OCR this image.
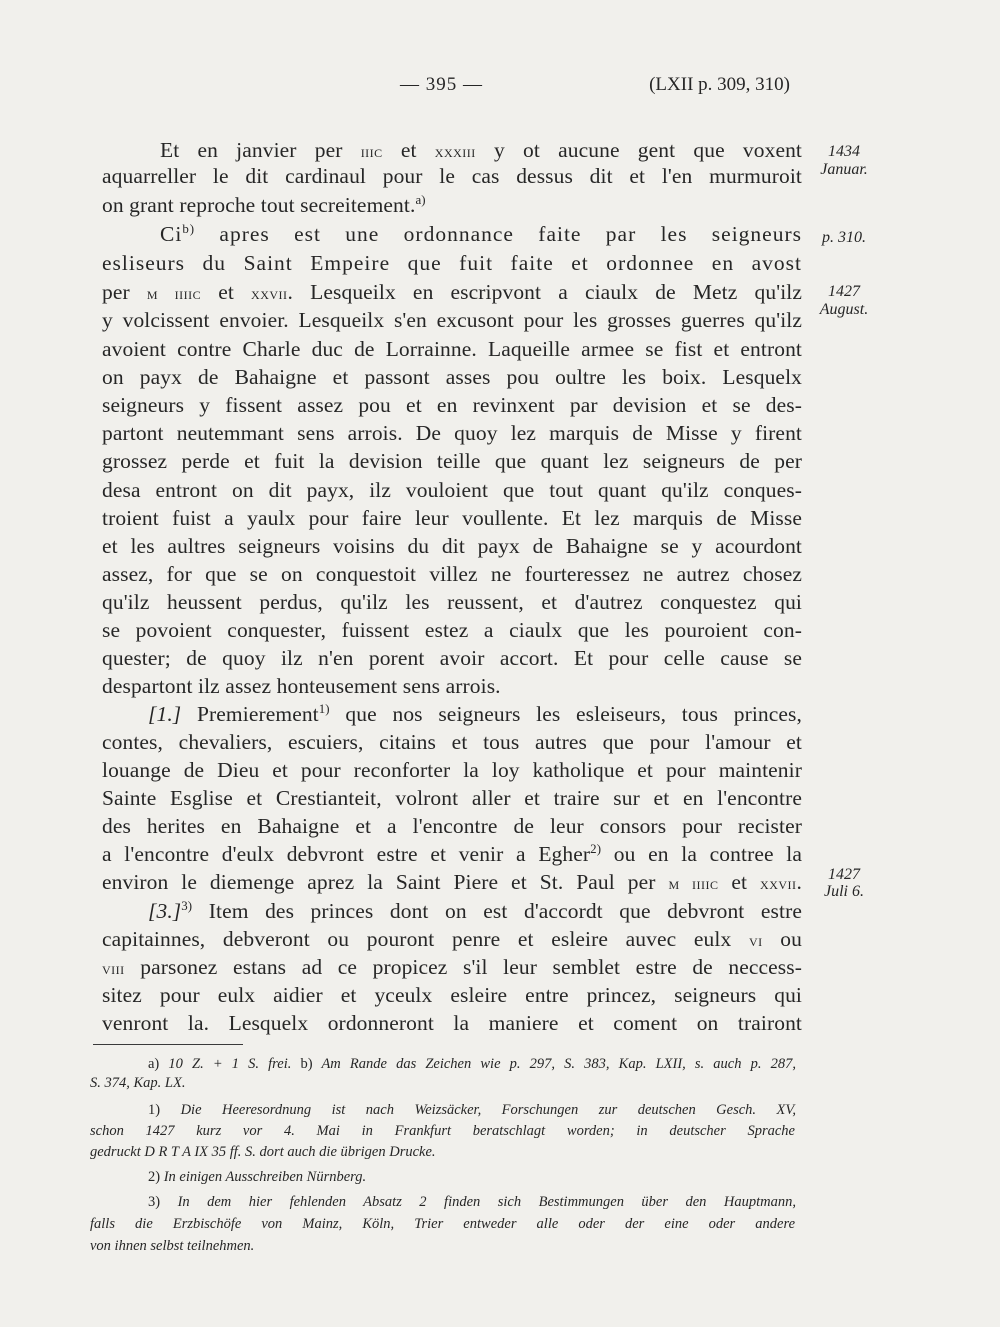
— 395 —	(LXII p. 309, 310)
1434
Januar.
p. 310.
1427
August.
1427
Juli 6.
Et en janvier per iiic et xxxiii y ot aucune gent que voxent
aquarreller le dit cardinaul pour le cas dessus dit et l'en murmuroit
on grant reproche tout secreitement.$^{a)}$
Ci$^{b)}$ apres est une ordonnance faite par les seigneurs
esliseurs du Saint Empeire que fuit faite et ordonnee en avost
per m iiiic et xxvii. Lesqueilx en escripvont a ciaulx de Metz qu'ilz
y volcissent envoier. Lesqueilx s'en excusont pour les grosses guerres qu'ilz
avoient contre Charle duc de Lorrainne. Laqueille armee se fist et entront
on payx de Bahaigne et passont asses pou oultre les boix. Lesquelx
seigneurs y fissent assez pou et en revinxent par devision et se des-
partont neutemmant sens arrois. De quoy lez marquis de Misse y firent
grossez perde et fuit la devision teille que quant lez seigneurs de per
desa entront on dit payx, ilz vouloient que tout quant qu'ilz conques-
troient fuist a yaulx pour faire leur voullente. Et lez marquis de Misse
et les aultres seigneurs voisins du dit payx de Bahaigne se y acourdont
assez, for que se on conquestoit villez ne fourteressez ne autrez chosez
qu'ilz heussent perdus, qu'ilz les reussent, et d'autrez conquestez qui
se povoient conquester, fuissent estez a ciaulx que les pouroient con-
quester; de quoy ilz n'en porent avoir accort. Et pour celle cause se
despartont ilz assez honteusement sens arrois.
[1.] Premierement$^{1)}$ que nos seigneurs les esleiseurs, tous princes,
contes, chevaliers, escuiers, citains et tous autres que pour l'amour et
louange de Dieu et pour reconforter la loy katholique et pour maintenir
Sainte Esglise et Crestianteit, volront aller et traire sur et en l'encontre
des herites en Bahaigne et a l'encontre de leur consors pour recister
a l'encontre d'eulx debvront estre et venir a Egher$^{2)}$ ou en la contree la
environ le diemenge aprez la Saint Piere et St. Paul per m iiiic et xxvii.
$[3.]^{3)}$ Item des princes dont on est d'accordt que debvront estre
capitainnes, debveront ou pouront penre et esleire auvec eulx vi ou
viii parsonez estans ad ce propicez s'il leur semblet estre de neccess-
sitez pour eulx aidier et yceulx esleire entre princez, seigneurs qui
venront la. Lesquelx ordonneront la maniere et coment on trairont
a) 10 Z. + 1 S. frei. b) Am Rande das Zeichen wie p. 297, S. 383, Kap. LXII, s. auch p. 287,
S. 374, Kap. LX.
1) Die Heeresordnung ist nach Weizsäcker, Forschungen zur deutschen Gesch. XV,
schon 1427 kurz vor 4. Mai in Frankfurt beratschlagt worden; in deutscher Sprache
gedruckt D R T A IX 35 ff. S. dort auch die übrigen Drucke.
2) In einigen Ausschreiben Nürnberg.
3) In dem hier fehlenden Absatz 2 finden sich Bestimmungen über den Hauptmann,
falls die Erzbischöfe von Mainz, Köln, Trier entweder alle oder der eine oder andere
von ihnen selbst teilnehmen.
